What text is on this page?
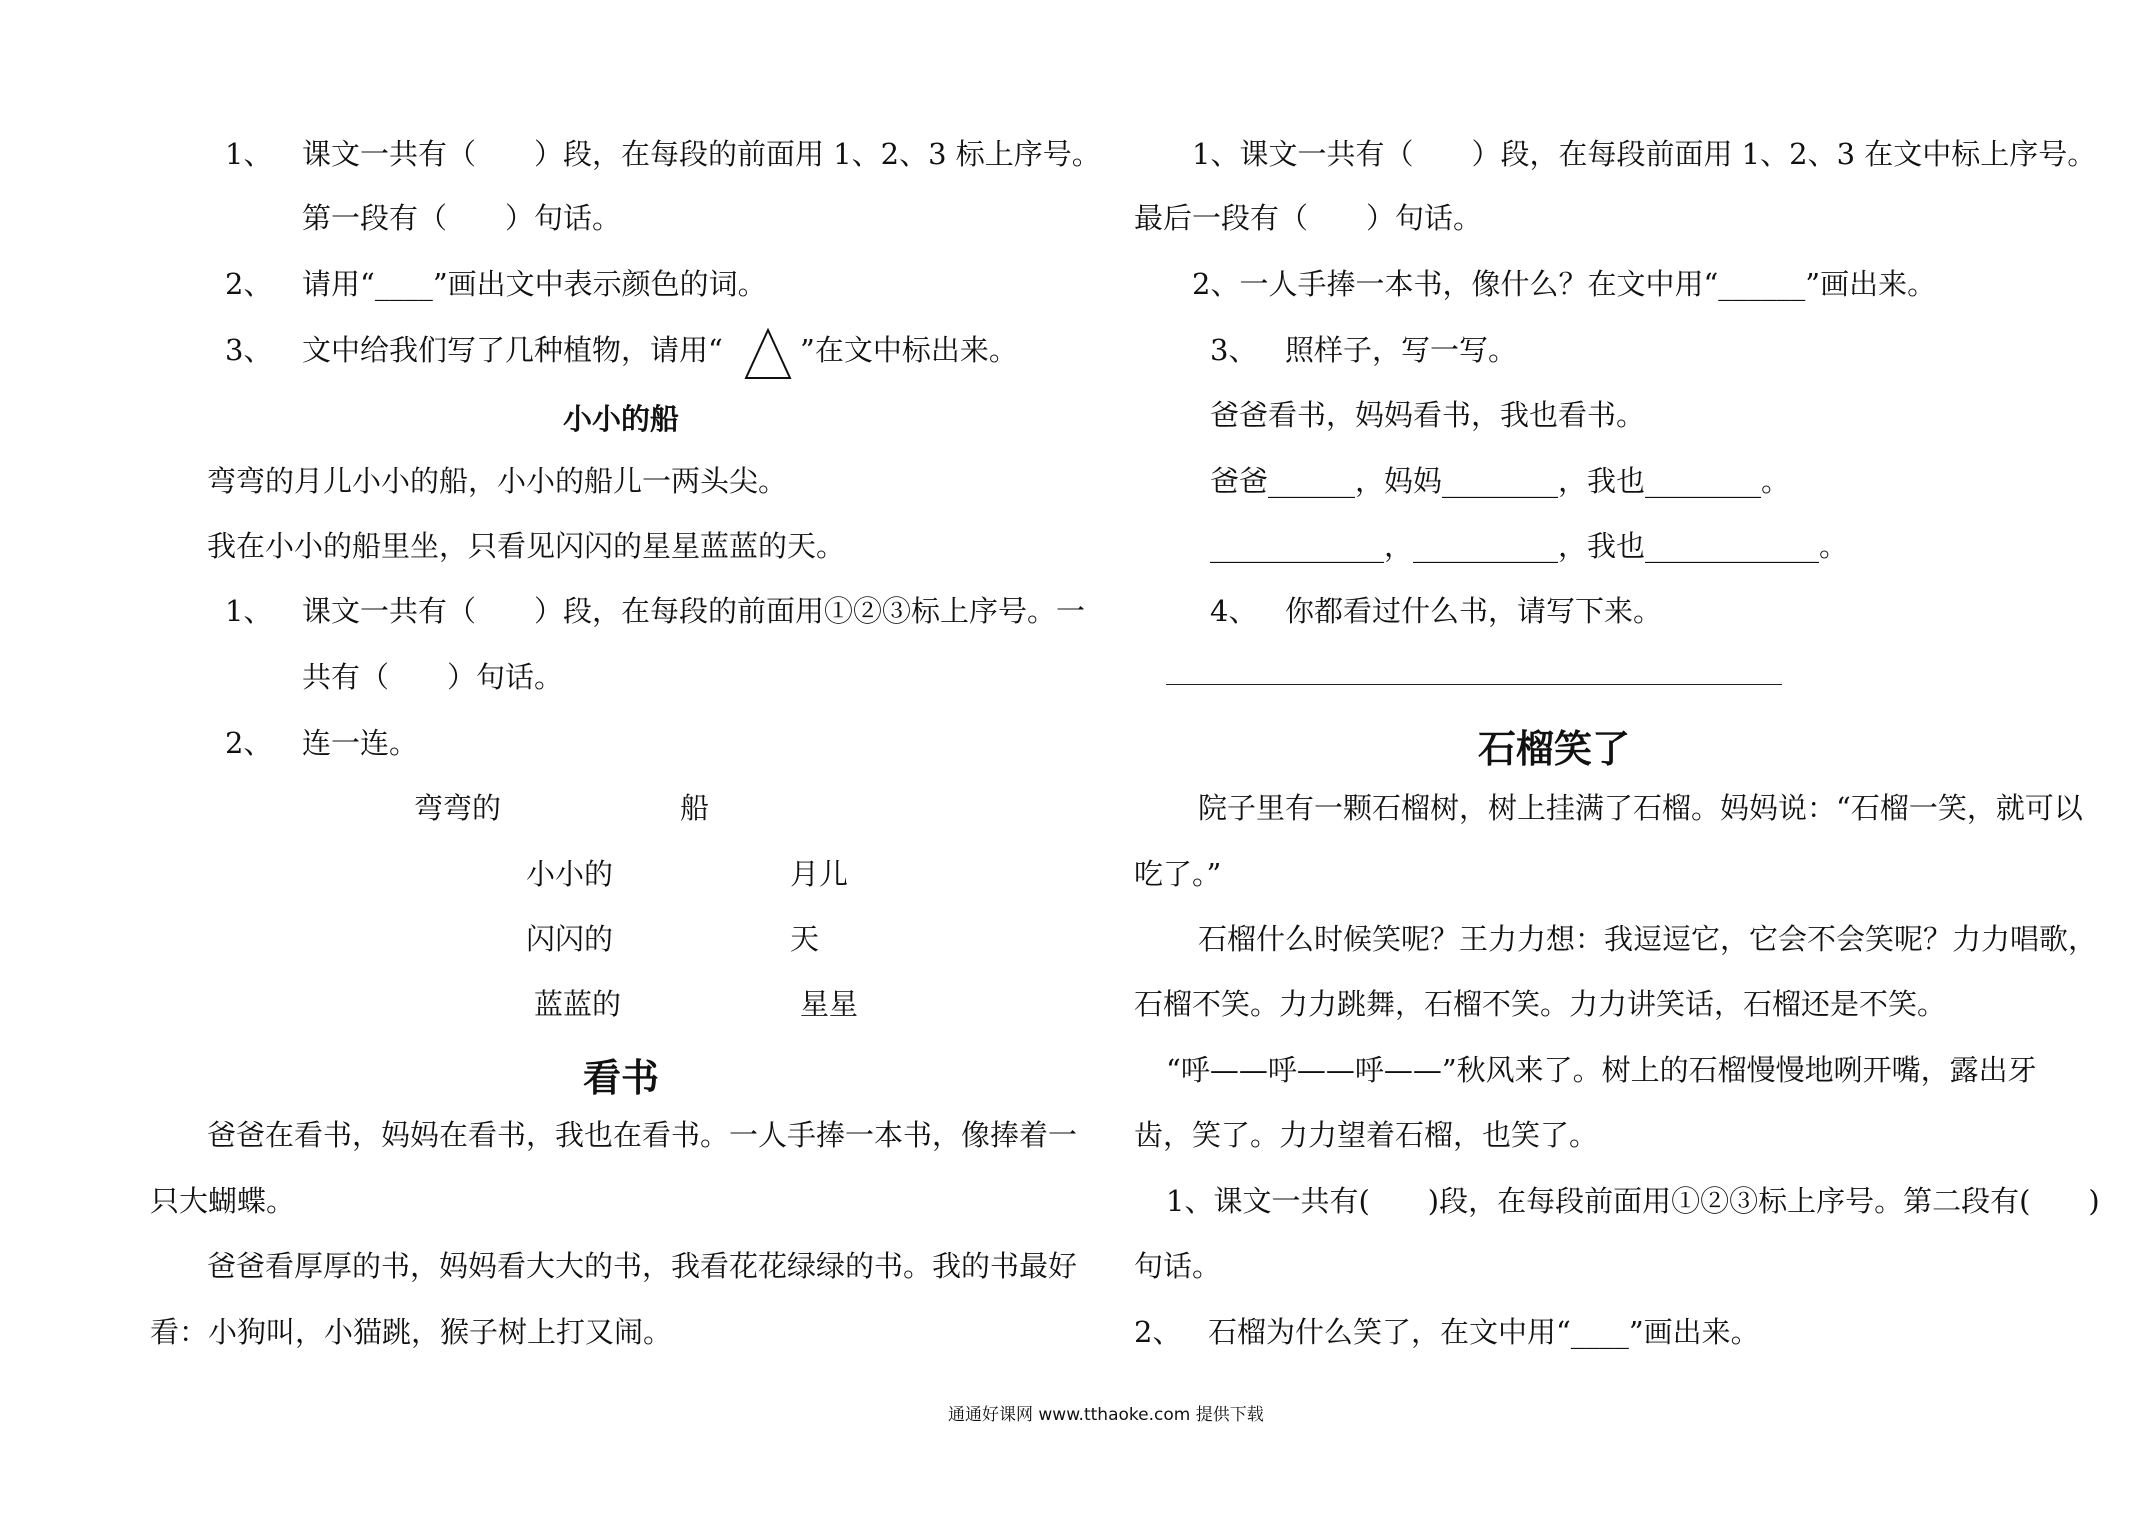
1、 课文一共有（　　）段，在每段的前面用 1、2、3 标上序号。
第一段有（　　）句话。
2、 请用“____”画出文中表示颜色的词。
3、 文中给我们写了几种植物，请用“	”在文中标出来。
小小的船
弯弯的月儿小小的船，小小的船儿一两头尖。
我在小小的船里坐，只看见闪闪的星星蓝蓝的天。
1、 课文一共有（　　）段，在每段的前面用①②③标上序号。一
共有（　　）句话。
2、 连一连。
弯弯的	船
小小的	月儿
闪闪的	天
蓝蓝的	星星
看书
爸爸在看书，妈妈在看书，我也在看书。一人手捧一本书，像捧着一
只大蝴蝶。
爸爸看厚厚的书，妈妈看大大的书，我看花花绿绿的书。我的书最好
看：小狗叫，小猫跳，猴子树上打又闹。
1、课文一共有（　　）段，在每段前面用 1、2、3 在文中标上序号。
最后一段有（　　）句话。
2、一人手捧一本书，像什么？在文中用“______”画出来。
3、 照样子，写一写。
爸爸看书，妈妈看书，我也看书。
爸爸______，妈妈________，我也________。
____________，__________，我也____________。
4、 你都看过什么书，请写下来。
石榴笑了
院子里有一颗石榴树，树上挂满了石榴。妈妈说：“石榴一笑，就可以
吃了。”
石榴什么时候笑呢？王力力想：我逗逗它，它会不会笑呢？力力唱歌，
石榴不笑。力力跳舞，石榴不笑。力力讲笑话，石榴还是不笑。
“呼——呼——呼——”秋风来了。树上的石榴慢慢地咧开嘴，露出牙
齿，笑了。力力望着石榴，也笑了。
1、课文一共有(　　)段，在每段前面用①②③标上序号。第二段有(　　)
句话。
2、 石榴为什么笑了，在文中用“____”画出来。
通通好课网 www.tthaoke.com 提供下载
